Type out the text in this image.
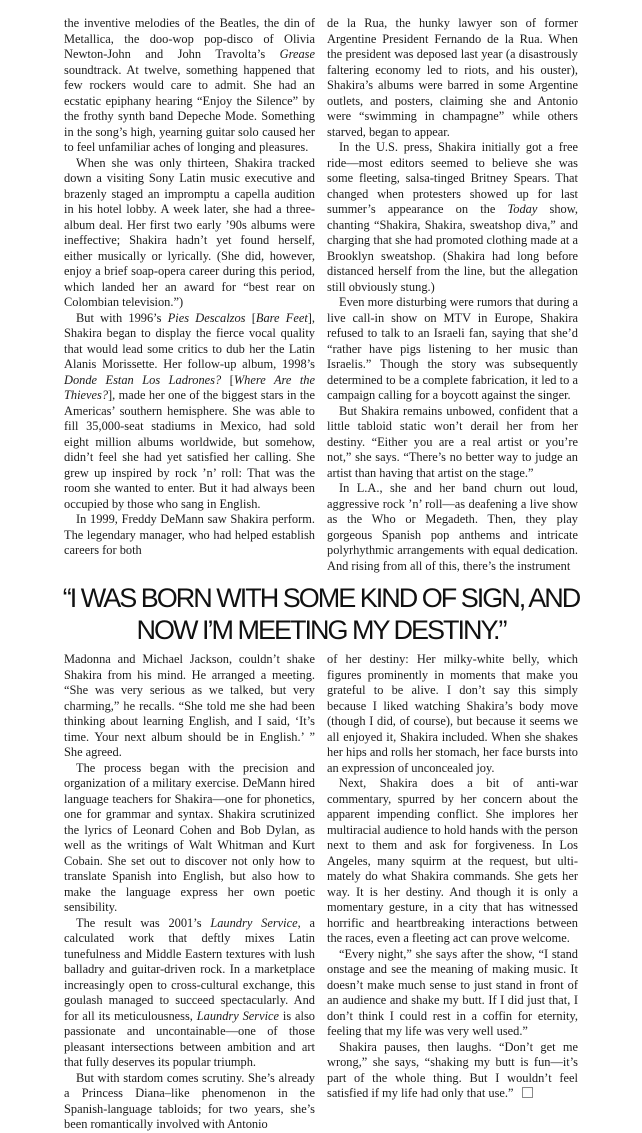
the inventive melodies of the Beatles, the din of Metallica, the doo-wop pop-disco of Olivia Newton-John and John Travolta’s Grease soundtrack. At twelve, something happened that few rockers would care to admit. She had an ecstatic epiphany hearing “Enjoy the Silence” by the frothy synth band Depeche Mode. Something in the song’s high, yearning guitar solo caused her to feel unfamiliar aches of longing and pleasures.

When she was only thirteen, Shakira tracked down a visiting Sony Latin music executive and brazenly staged an impromptu a capella audition in his hotel lobby. A week later, she had a three-album deal. Her first two early ’90s albums were ineffective; Shakira hadn’t yet found herself, either musically or lyrically. (She did, however, enjoy a brief soap-opera career during this period, which landed her an award for “best rear on Colombian television.”)

But with 1996’s Pies Descalzos [Bare Feet], Shakira began to display the fierce vocal quality that would lead some critics to dub her the Latin Alanis Morissette. Her follow-up album, 1998’s Donde Estan Los Ladrones? [Where Are the Thieves?], made her one of the biggest stars in the Americas’ southern hemisphere. She was able to fill 35,000-seat stadiums in Mexico, had sold eight million albums worldwide, but somehow, didn’t feel she had yet satisfied her calling. She grew up inspired by rock ’n’ roll: That was the room she wanted to enter. But it had always been occupied by those who sang in English.

In 1999, Freddy DeMann saw Shakira perform. The legendary manager, who had helped establish careers for both

de la Rua, the hunky lawyer son of former Argentine President Fernando de la Rua. When the president was deposed last year (a disastrously faltering economy led to riots, and his ouster), Shakira’s albums were barred in some Argentine outlets, and posters, claiming she and Antonio were “swimming in champagne” while others starved, began to appear.

In the U.S. press, Shakira initially got a free ride—most editors seemed to believe she was some fleeting, salsa-tinged Britney Spears. That changed when protesters showed up for last summer’s appearance on the Today show, chanting “Shakira, Shakira, sweatshop diva,” and charging that she had promoted clothing made at a Brooklyn sweatshop. (Shakira had long before distanced herself from the line, but the allegation still obviously stung.)

Even more disturbing were rumors that during a live call-in show on MTV in Europe, Shakira refused to talk to an Israeli fan, saying that she’d “rather have pigs listening to her music than Israelis.” Though the story was subsequently determined to be a complete fabrication, it led to a campaign calling for a boycott against the singer.

But Shakira remains unbowed, confident that a little tabloid static won’t derail her from her destiny. “Either you are a real artist or you’re not,” she says. “There’s no better way to judge an artist than having that artist on the stage.”

In L.A., she and her band churn out loud, aggressive rock ’n’ roll—as deafening a live show as the Who or Megadeth. Then, they play gorgeous Spanish pop anthems and intricate polyrhythmic arrangements with equal dedication. And rising from all of this, there’s the instrument

“I WAS BORN WITH SOME KIND OF SIGN, AND
NOW I’M MEETING MY DESTINY.”

Madonna and Michael Jackson, couldn’t shake Shakira from his mind. He arranged a meeting. “She was very serious as we talked, but very charming,” he recalls. “She told me she had been thinking about learning English, and I said, ‘It’s time. Your next album should be in English.’ ” She agreed.

The process began with the precision and organization of a military exercise. DeMann hired language teachers for Shakira—one for phonetics, one for grammar and syntax. Shakira scrutinized the lyrics of Leonard Cohen and Bob Dylan, as well as the writings of Walt Whitman and Kurt Cobain. She set out to discover not only how to translate Spanish into English, but also how to make the language express her own poetic sensibility.

The result was 2001’s Laundry Service, a calculated work that deftly mixes Latin tunefulness and Middle Eastern textures with lush balladry and guitar-driven rock. In a marketplace increasingly open to cross-cultural exchange, this goulash managed to succeed spectacularly. And for all its meticulousness, Laundry Service is also passionate and uncontainable—one of those pleasant intersections between ambition and art that fully deserves its popular triumph.

But with stardom comes scrutiny. She’s already a Princess Diana–like phenomenon in the Spanish-language tabloids; for two years, she’s been romantically involved with Antonio

of her destiny: Her milky-white belly, which figures prominently in moments that make you grateful to be alive. I don’t say this simply because I liked watching Shakira’s body move (though I did, of course), but because it seems we all enjoyed it, Shakira included. When she shakes her hips and rolls her stomach, her face bursts into an expression of unconcealed joy.

Next, Shakira does a bit of anti-war commentary, spurred by her concern about the apparent impending conflict. She implores her multiracial audience to hold hands with the person next to them and ask for forgiveness. In Los Angeles, many squirm at the request, but ultimately do what Shakira commands. She gets her way. It is her destiny. And though it is only a momentary gesture, in a city that has witnessed horrific and heartbreaking interactions between the races, even a fleeting act can prove welcome.

“Every night,” she says after the show, “I stand onstage and see the meaning of making music. It doesn’t make much sense to just stand in front of an audience and shake my butt. If I did just that, I don’t think I could rest in a coffin for eternity, feeling that my life was very well used.”

Shakira pauses, then laughs. “Don’t get me wrong,” she says, “shaking my butt is fun—it’s part of the whole thing. But I wouldn’t feel satisfied if my life had only that use.”
